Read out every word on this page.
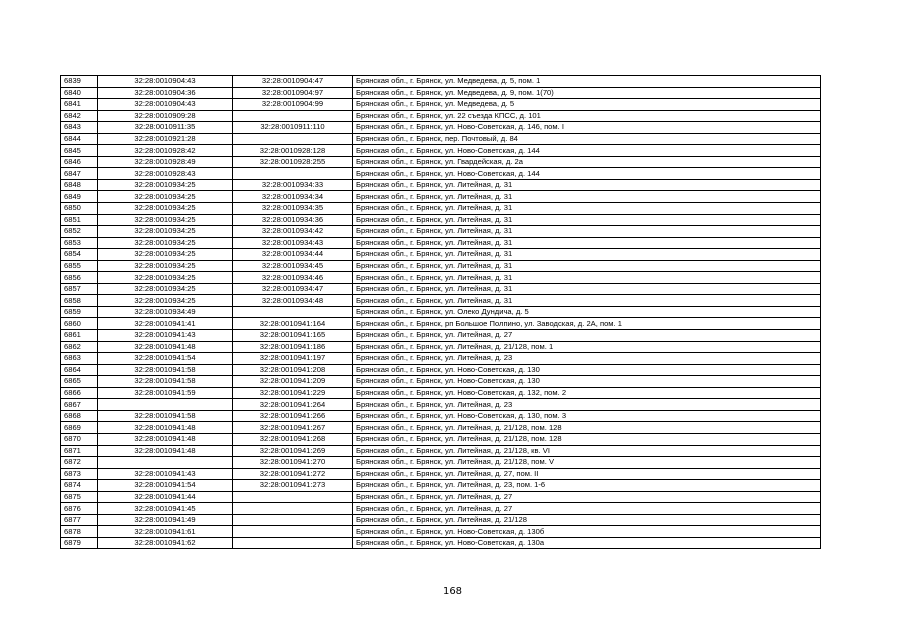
6839	32:28:0010904:43	32:28:0010904:47	Брянская обл., г. Брянск, ул. Медведева, д. 5, пом. 1
6840	32:28:0010904:36	32:28:0010904:97	Брянская обл., г. Брянск, ул. Медведева, д. 9, пом. 1(70)
6841	32:28:0010904:43	32:28:0010904:99	Брянская обл., г. Брянск, ул. Медведева, д. 5
6842	32:28:0010909:28		Брянская обл., г. Брянск, ул. 22 съезда КПСС, д. 101
6843	32:28:0010911:35	32:28:0010911:110	Брянская обл., г. Брянск, ул. Ново-Советская, д. 146, пом. I
6844	32:28:0010921:28		Брянская обл., г. Брянск, пер. Почтовый, д. 84
6845	32:28:0010928:42	32:28:0010928:128	Брянская обл., г. Брянск, ул. Ново-Советская, д. 144
6846	32:28:0010928:49	32:28:0010928:255	Брянская обл., г. Брянск, ул. Гвардейская, д. 2а
6847	32:28:0010928:43		Брянская обл., г. Брянск, ул. Ново-Советская, д. 144
6848	32:28:0010934:25	32:28:0010934:33	Брянская обл., г. Брянск, ул. Литейная, д. 31
6849	32:28:0010934:25	32:28:0010934:34	Брянская обл., г. Брянск, ул. Литейная, д. 31
6850	32:28:0010934:25	32:28:0010934:35	Брянская обл., г. Брянск, ул. Литейная, д. 31
6851	32:28:0010934:25	32:28:0010934:36	Брянская обл., г. Брянск, ул. Литейная, д. 31
6852	32:28:0010934:25	32:28:0010934:42	Брянская обл., г. Брянск, ул. Литейная, д. 31
6853	32:28:0010934:25	32:28:0010934:43	Брянская обл., г. Брянск, ул. Литейная, д. 31
6854	32:28:0010934:25	32:28:0010934:44	Брянская обл., г. Брянск, ул. Литейная, д. 31
6855	32:28:0010934:25	32:28:0010934:45	Брянская обл., г. Брянск, ул. Литейная, д. 31
6856	32:28:0010934:25	32:28:0010934:46	Брянская обл., г. Брянск, ул. Литейная, д. 31
6857	32:28:0010934:25	32:28:0010934:47	Брянская обл., г. Брянск, ул. Литейная, д. 31
6858	32:28:0010934:25	32:28:0010934:48	Брянская обл., г. Брянск, ул. Литейная, д. 31
6859	32:28:0010934:49		Брянская обл., г. Брянск, ул. Олеко Дундича, д. 5
6860	32:28:0010941:41	32:28:0010941:164	Брянская обл., г. Брянск, рп Большое Полпино, ул. Заводская, д. 2А, пом. 1
6861	32:28:0010941:43	32:28:0010941:165	Брянская обл., г. Брянск, ул. Литейная, д. 27
6862	32:28:0010941:48	32:28:0010941:186	Брянская обл., г. Брянск, ул. Литейная, д. 21/128, пом. 1
6863	32:28:0010941:54	32:28:0010941:197	Брянская обл., г. Брянск, ул. Литейная, д. 23
6864	32:28:0010941:58	32:28:0010941:208	Брянская обл., г. Брянск, ул. Ново-Советская, д. 130
6865	32:28:0010941:58	32:28:0010941:209	Брянская обл., г. Брянск, ул. Ново-Советская, д. 130
6866	32:28:0010941:59	32:28:0010941:229	Брянская обл., г. Брянск, ул. Ново-Советская, д. 132, пом. 2
6867		32:28:0010941:264	Брянская обл., г. Брянск, ул. Литейная, д. 23
6868	32:28:0010941:58	32:28:0010941:266	Брянская обл., г. Брянск, ул. Ново-Советская, д. 130, пом. 3
6869	32:28:0010941:48	32:28:0010941:267	Брянская обл., г. Брянск, ул. Литейная, д. 21/128, пом. 128
6870	32:28:0010941:48	32:28:0010941:268	Брянская обл., г. Брянск, ул. Литейная, д. 21/128, пом. 128
6871	32:28:0010941:48	32:28:0010941:269	Брянская обл., г. Брянск, ул. Литейная, д. 21/128, кв. VI
6872		32:28:0010941:270	Брянская обл., г. Брянск, ул. Литейная, д. 21/128, пом. V
6873	32:28:0010941:43	32:28:0010941:272	Брянская обл., г. Брянск, ул. Литейная, д. 27, пом. II
6874	32:28:0010941:54	32:28:0010941:273	Брянская обл., г. Брянск, ул. Литейная, д. 23, пом. 1-6
6875	32:28:0010941:44		Брянская обл., г. Брянск, ул. Литейная, д. 27
6876	32:28:0010941:45		Брянская обл., г. Брянск, ул. Литейная, д. 27
6877	32:28:0010941:49		Брянская обл., г. Брянск, ул. Литейная, д. 21/128
6878	32:28:0010941:61		Брянская обл., г. Брянск, ул. Ново-Советская, д. 130б
6879	32:28:0010941:62		Брянская обл., г. Брянск, ул. Ново-Советская, д. 130а
168
